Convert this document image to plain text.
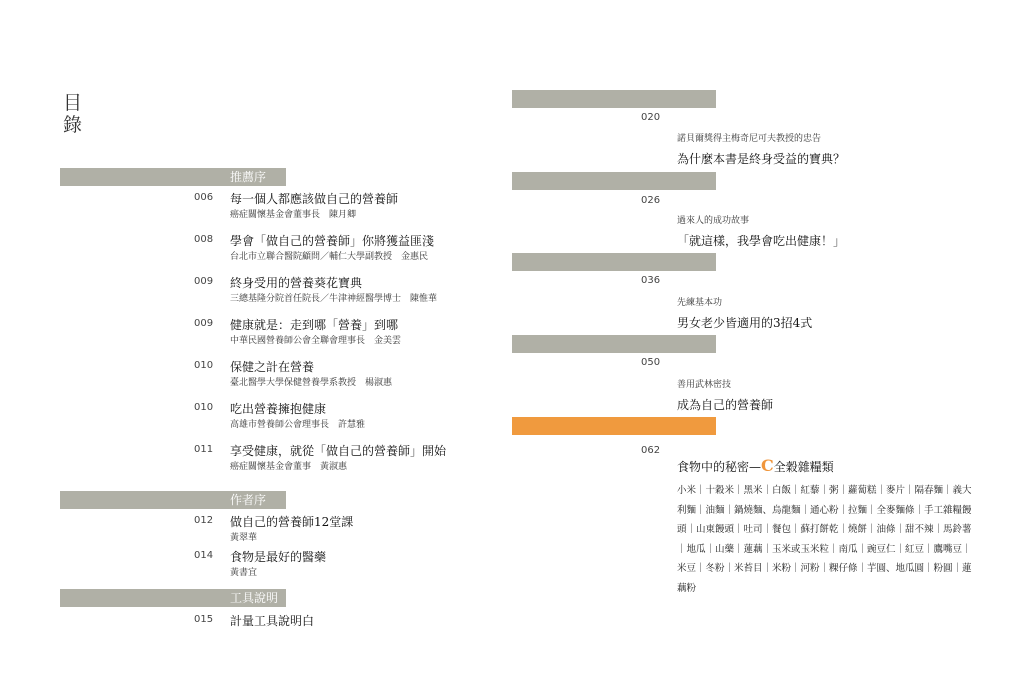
目
錄
推薦序
006 每一個人都應該做自己的營養師
癌症關懷基金會董事長　陳月卿
008 學會「做自己的營養師」你將獲益匪淺
台北市立聯合醫院顧問／輔仁大學副教授　金惠民
009 終身受用的營養葵花寶典
三總基隆分院首任院長／牛津神經醫學博士　陳惟華
009 健康就是：走到哪「營養」到哪
中華民國營養師公會全聯會理事長　金美雲
010 保健之計在營養
臺北醫學大學保健營養學系教授　楊淑惠
010 吃出營養擁抱健康
高雄市營養師公會理事長　許慧雅
011 享受健康，就從「做自己的營養師」開始
癌症關懷基金會董事　黃淑惠
作者序
012 做自己的營養師12堂課
黃翠華
014 食物是最好的醫藥
黃書宜
工具說明
015 計量工具說明白
020
諾貝爾獎得主梅奇尼可夫教授的忠告
為什麼本書是終身受益的寶典？
026
過來人的成功故事
「就這樣，我學會吃出健康！」
036
先練基本功
男女老少皆適用的3招4式
050
善用武林密技
成為自己的營養師
062
食物中的秘密—C全穀雜糧類
小米｜十穀米｜黑米｜白飯｜紅藜｜粥｜蘿蔔糕｜麥片｜隔春麵｜義大利麵｜油麵｜鍋燒麵、烏龍麵｜通心粉｜拉麵｜全麥麵條｜手工雜糧饅頭｜山東饅頭｜吐司｜餐包｜蘇打餅乾｜燒餅｜油條｜甜不辣｜馬鈴薯｜地瓜｜山藥｜蓮藕｜玉米或玉米粒｜南瓜｜豌豆仁｜紅豆｜鷹嘴豆｜米豆｜冬粉｜米苔目｜米粉｜河粉｜粿仔條｜芋圓、地瓜圓｜粉圓｜蓮藕粉
